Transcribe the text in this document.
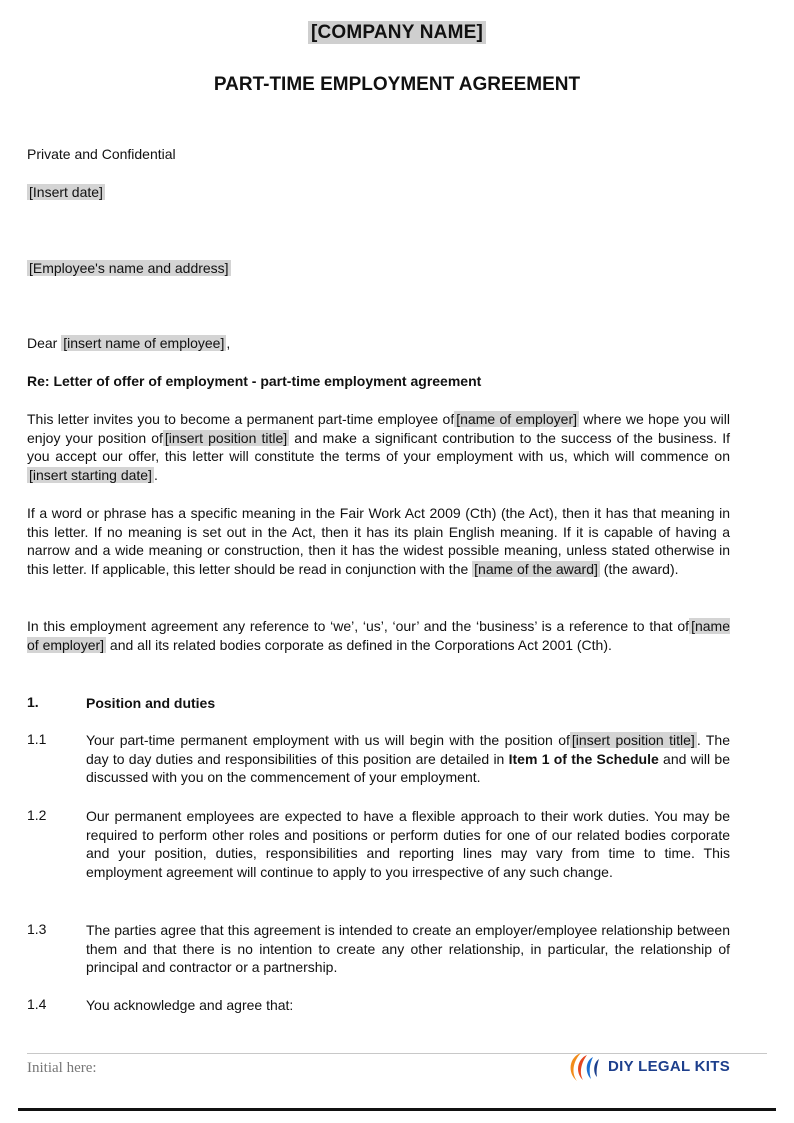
[COMPANY NAME]
PART-TIME EMPLOYMENT AGREEMENT
Private and Confidential
[Insert date]
[Employee's name and address]
Dear [insert name of employee] ,
Re: Letter of offer of employment - part-time employment agreement
This letter invites you to become a permanent part-time employee of [name of employer] where we hope you will enjoy your position of [insert position title] and make a significant contribution to the success of the business. If you accept our offer, this letter will constitute the terms of your employment with us, which will commence on [insert starting date] .
If a word or phrase has a specific meaning in the Fair Work Act 2009 (Cth) (the Act), then it has that meaning in this letter. If no meaning is set out in the Act, then it has its plain English meaning. If it is capable of having a narrow and a wide meaning or construction, then it has the widest possible meaning, unless stated otherwise in this letter. If applicable, this letter should be read in conjunction with the [name of the award] (the award).
In this employment agreement any reference to ‘we’, ‘us’, ‘our’ and the ‘business’ is a reference to that of [name of employer] and all its related bodies corporate as defined in the Corporations Act 2001 (Cth).
1.	Position and duties
1.1	Your part-time permanent employment with us will begin with the position of [insert position title] . The day to day duties and responsibilities of this position are detailed in Item 1 of the Schedule and will be discussed with you on the commencement of your employment.
1.2	Our permanent employees are expected to have a flexible approach to their work duties. You may be required to perform other roles and positions or perform duties for one of our related bodies corporate and your position, duties, responsibilities and reporting lines may vary from time to time. This employment agreement will continue to apply to you irrespective of any such change.
1.3	The parties agree that this agreement is intended to create an employer/employee relationship between them and that there is no intention to create any other relationship, in particular, the relationship of principal and contractor or a partnership.
1.4	You acknowledge and agree that:
Initial here:	DIY LEGAL KITS
